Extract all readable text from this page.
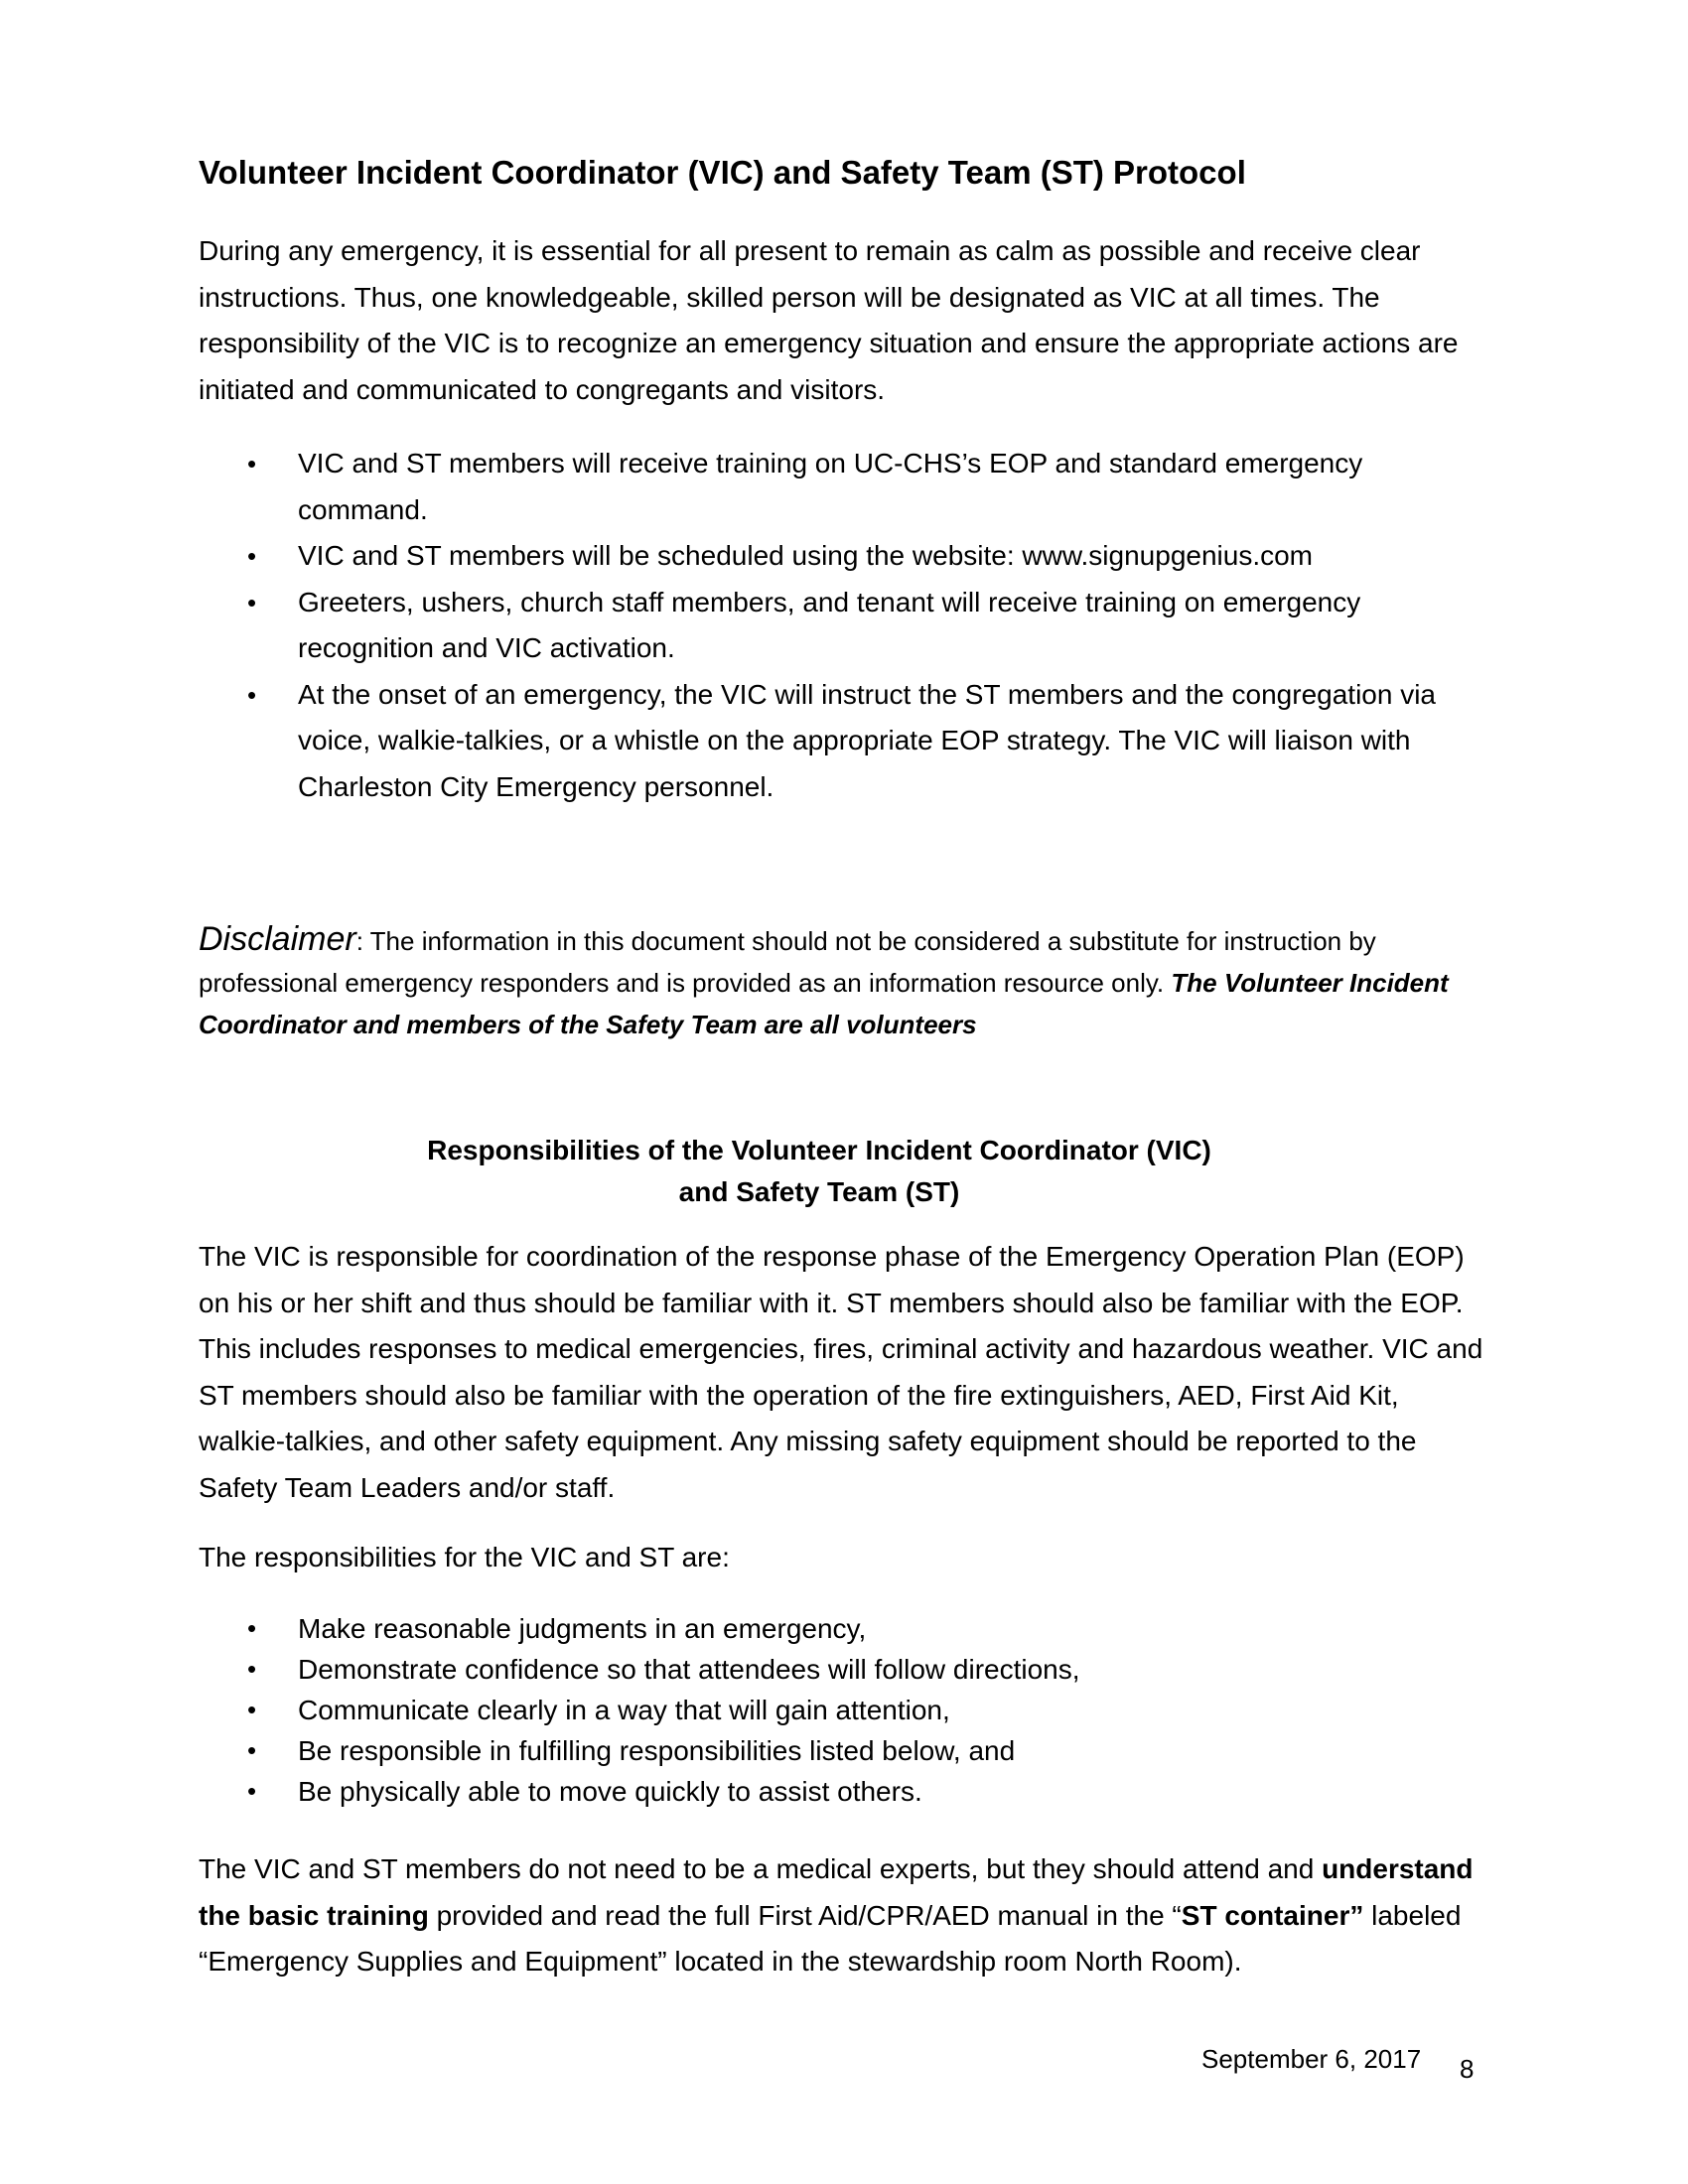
Volunteer Incident Coordinator (VIC) and Safety Team (ST) Protocol

During any emergency, it is essential for all present to remain as calm as possible and receive clear instructions. Thus, one knowledgeable, skilled person will be designated as VIC at all times. The responsibility of the VIC is to recognize an emergency situation and ensure the appropriate actions are initiated and communicated to congregants and visitors.

• VIC and ST members will receive training on UC-CHS’s EOP and standard emergency command.
• VIC and ST members will be scheduled using the website: www.signupgenius.com
• Greeters, ushers, church staff members, and tenant will receive training on emergency recognition and VIC activation.
• At the onset of an emergency, the VIC will instruct the ST members and the congregation via voice, walkie-talkies, or a whistle on the appropriate EOP strategy. The VIC will liaison with Charleston City Emergency personnel.

Disclaimer: The information in this document should not be considered a substitute for instruction by professional emergency responders and is provided as an information resource only. The Volunteer Incident Coordinator and members of the Safety Team are all volunteers

Responsibilities of the Volunteer Incident Coordinator (VIC)
and Safety Team (ST)

The VIC is responsible for coordination of the response phase of the Emergency Operation Plan (EOP) on his or her shift and thus should be familiar with it. ST members should also be familiar with the EOP. This includes responses to medical emergencies, fires, criminal activity and hazardous weather. VIC and ST members should also be familiar with the operation of the fire extinguishers, AED, First Aid Kit, walkie-talkies, and other safety equipment. Any missing safety equipment should be reported to the Safety Team Leaders and/or staff.

The responsibilities for the VIC and ST are:

• Make reasonable judgments in an emergency,
• Demonstrate confidence so that attendees will follow directions,
• Communicate clearly in a way that will gain attention,
• Be responsible in fulfilling responsibilities listed below, and
• Be physically able to move quickly to assist others.

The VIC and ST members do not need to be a medical experts, but they should attend and understand the basic training provided and read the full First Aid/CPR/AED manual in the “ST container” labeled “Emergency Supplies and Equipment” located in the stewardship room North Room).

September 6, 2017 8
